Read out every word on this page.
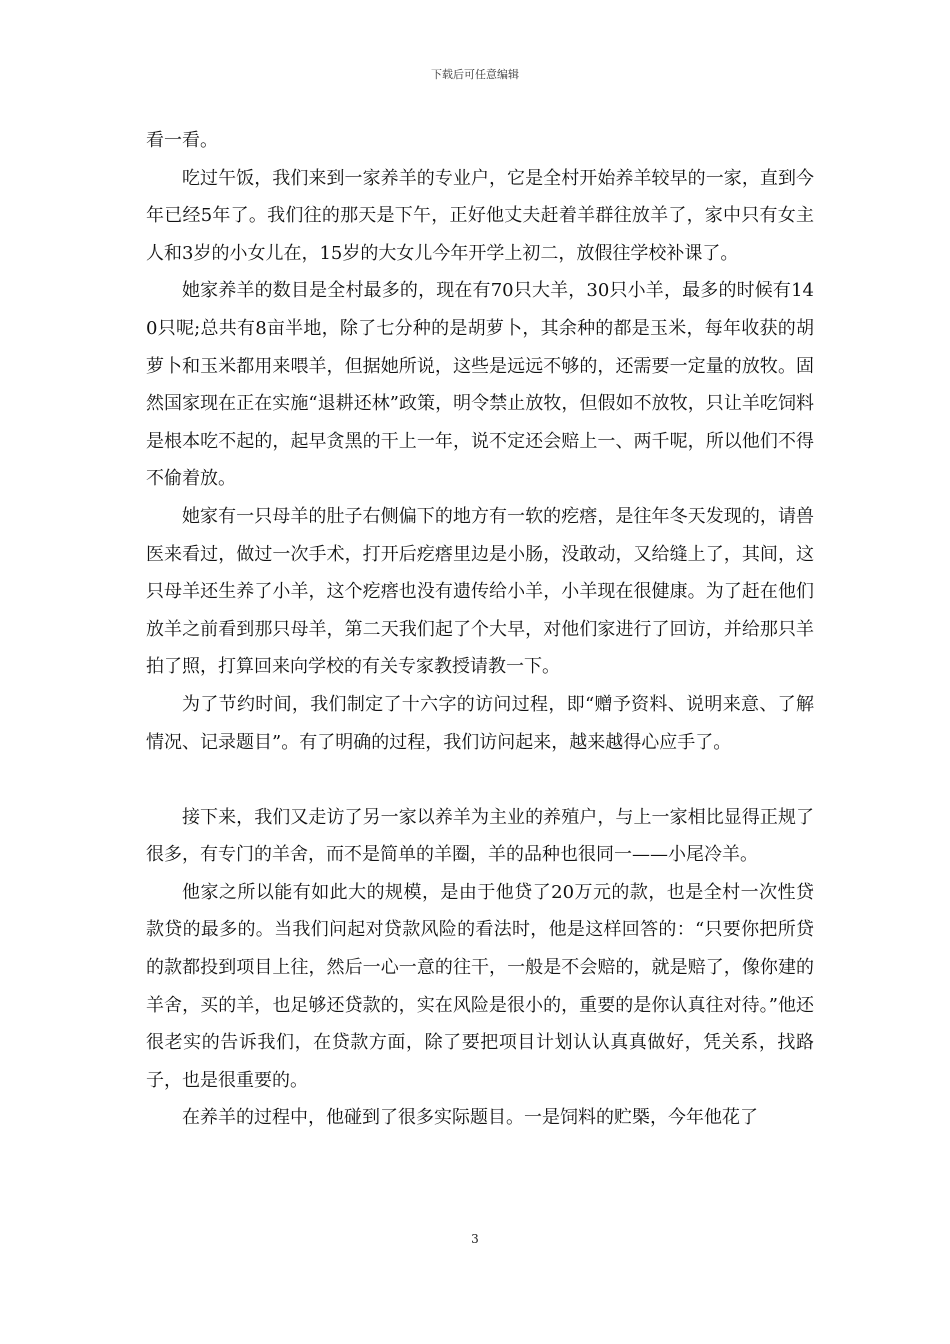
下载后可任意编辑

看一看。

吃过午饭，我们来到一家养羊的专业户，它是全村开始养羊较早的一家，直到今年已经5年了。我们往的那天是下午，正好他丈夫赶着羊群往放羊了，家中只有女主人和3岁的小女儿在，15岁的大女儿今年开学上初二，放假往学校补课了。

她家养羊的数目是全村最多的，现在有70只大羊，30只小羊，最多的时候有140只呢;总共有8亩半地，除了七分种的是胡萝卜，其余种的都是玉米，每年收获的胡萝卜和玉米都用来喂羊，但据她所说，这些是远远不够的，还需要一定量的放牧。固然国家现在正在实施“退耕还林”政策，明令禁止放牧，但假如不放牧，只让羊吃饲料是根本吃不起的，起早贪黑的干上一年，说不定还会赔上一、两千呢，所以他们不得不偷着放。

她家有一只母羊的肚子右侧偏下的地方有一软的疙瘩，是往年冬天发现的，请兽医来看过，做过一次手术，打开后疙瘩里边是小肠，没敢动，又给缝上了，其间，这只母羊还生养了小羊，这个疙瘩也没有遗传给小羊，小羊现在很健康。为了赶在他们放羊之前看到那只母羊，第二天我们起了个大早，对他们家进行了回访，并给那只羊拍了照，打算回来向学校的有关专家教授请教一下。

为了节约时间，我们制定了十六字的访问过程，即“赠予资料、说明来意、了解情况、记录题目”。有了明确的过程，我们访问起来，越来越得心应手了。

接下来，我们又走访了另一家以养羊为主业的养殖户，与上一家相比显得正规了很多，有专门的羊舍，而不是简单的羊圈，羊的品种也很同一——小尾冷羊。

他家之所以能有如此大的规模，是由于他贷了20万元的款，也是全村一次性贷款贷的最多的。当我们问起对贷款风险的看法时，他是这样回答的：“只要你把所贷的款都投到项目上往，然后一心一意的往干，一般是不会赔的，就是赔了，像你建的羊舍，买的羊，也足够还贷款的，实在风险是很小的，重要的是你认真往对待。”他还很老实的告诉我们，在贷款方面，除了要把项目计划认认真真做好，凭关系，找路子，也是很重要的。

在养羊的过程中，他碰到了很多实际题目。一是饲料的贮槩，今年他花了

3
